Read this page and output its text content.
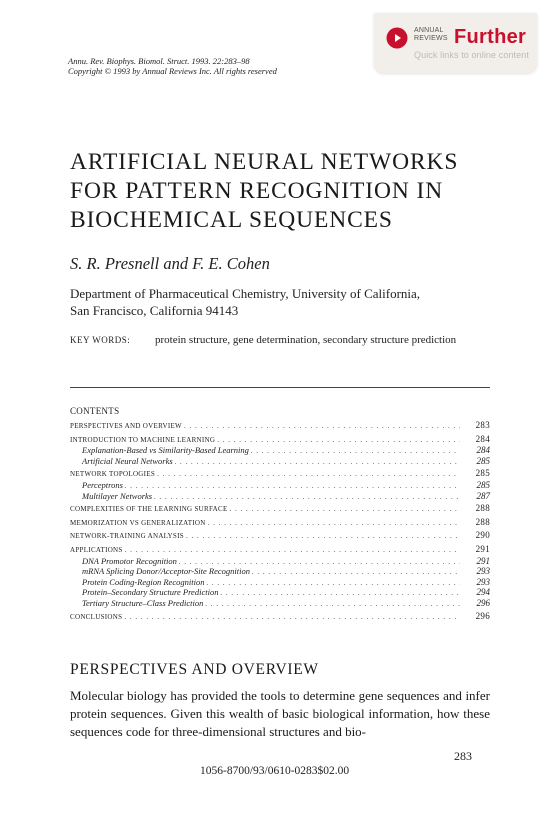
ANNUAL
REVIEWS Further
Quick links to online content
Annu. Rev. Biophys. Biomol. Struct. 1993. 22:283–98
Copyright © 1993 by Annual Reviews Inc. All rights reserved
ARTIFICIAL NEURAL NETWORKS
FOR PATTERN RECOGNITION IN
BIOCHEMICAL SEQUENCES
S. R. Presnell and F. E. Cohen
Department of Pharmaceutical Chemistry, University of California,
San Francisco, California 94143
KEY WORDS: protein structure, gene determination, secondary structure prediction
CONTENTS
PERSPECTIVES AND OVERVIEW . . .	283
INTRODUCTION TO MACHINE LEARNING . . .	284
Explanation-Based vs Similarity-Based Learning . . .	284
Artificial Neural Networks . . .	285
NETWORK TOPOLOGIES . . .	285
Perceptrons . . .	285
Multilayer Networks . . .	287
COMPLEXITIES OF THE LEARNING SURFACE . . .	288
MEMORIZATION VS GENERALIZATION . . .	288
NETWORK-TRAINING ANALYSIS . . .	290
APPLICATIONS . . .	291
DNA Promotor Recognition . . .	291
mRNA Splicing Donor/Acceptor-Site Recognition . . .	293
Protein Coding-Region Recognition . . .	293
Protein–Secondary Structure Prediction . . .	294
Tertiary Structure–Class Prediction . . .	296
CONCLUSIONS . . .	296
PERSPECTIVES AND OVERVIEW
Molecular biology has provided the tools to determine gene sequences and infer protein sequences. Given this wealth of basic biological information, how these sequences code for three-dimensional structures and bio-
283
1056-8700/93/0610-0283$02.00
